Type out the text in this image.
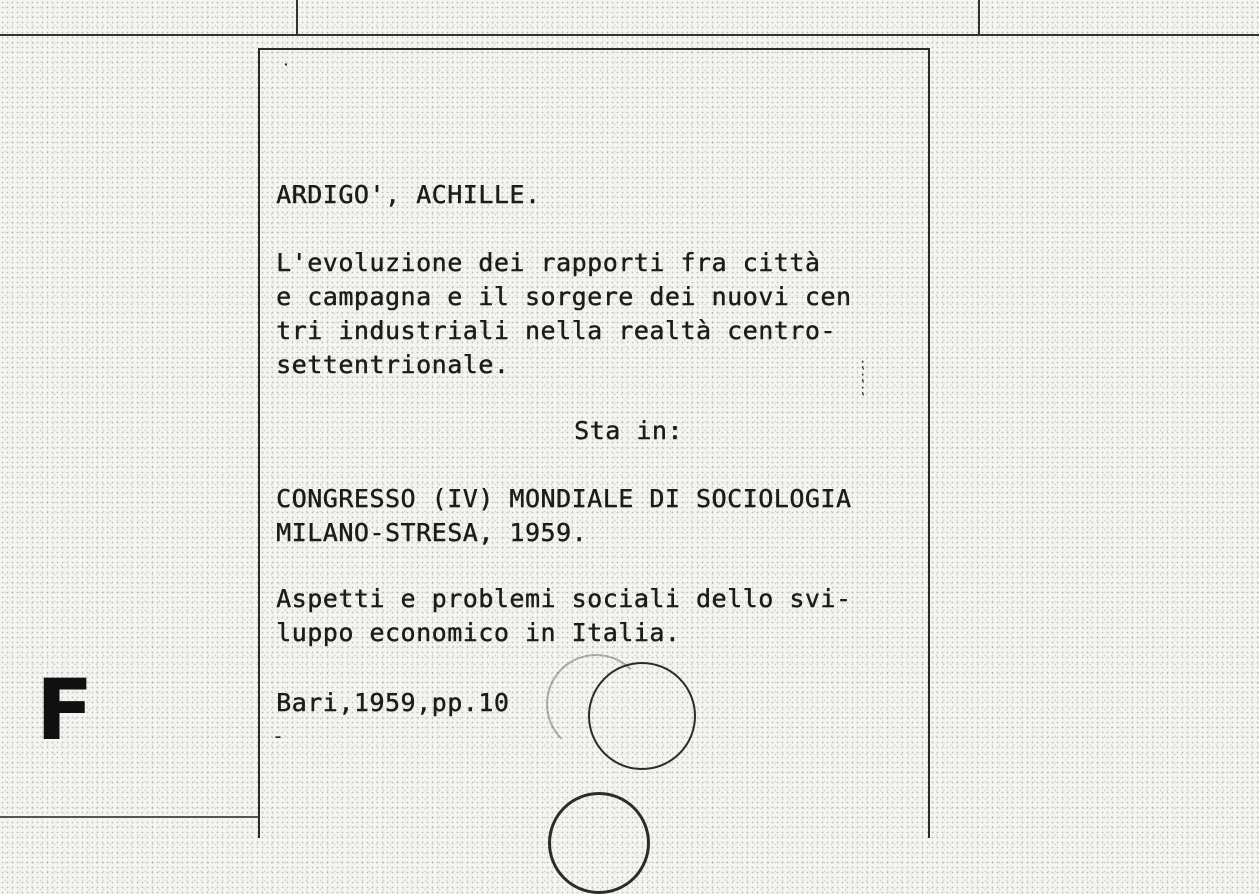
ARDIGO', ACHILLE.
L'evoluzione dei rapporti fra città
e campagna e il sorgere dei nuovi cen
tri industriali nella realtà centro-
settentrionale.
Sta in:
CONGRESSO (IV) MONDIALE DI SOCIOLOGIA
MILANO-STRESA, 1959.
Aspetti e problemi sociali dello svi-
luppo economico in Italia.
Bari,1959,pp.10
˙
‐
⁏
⁏
⁏
F
